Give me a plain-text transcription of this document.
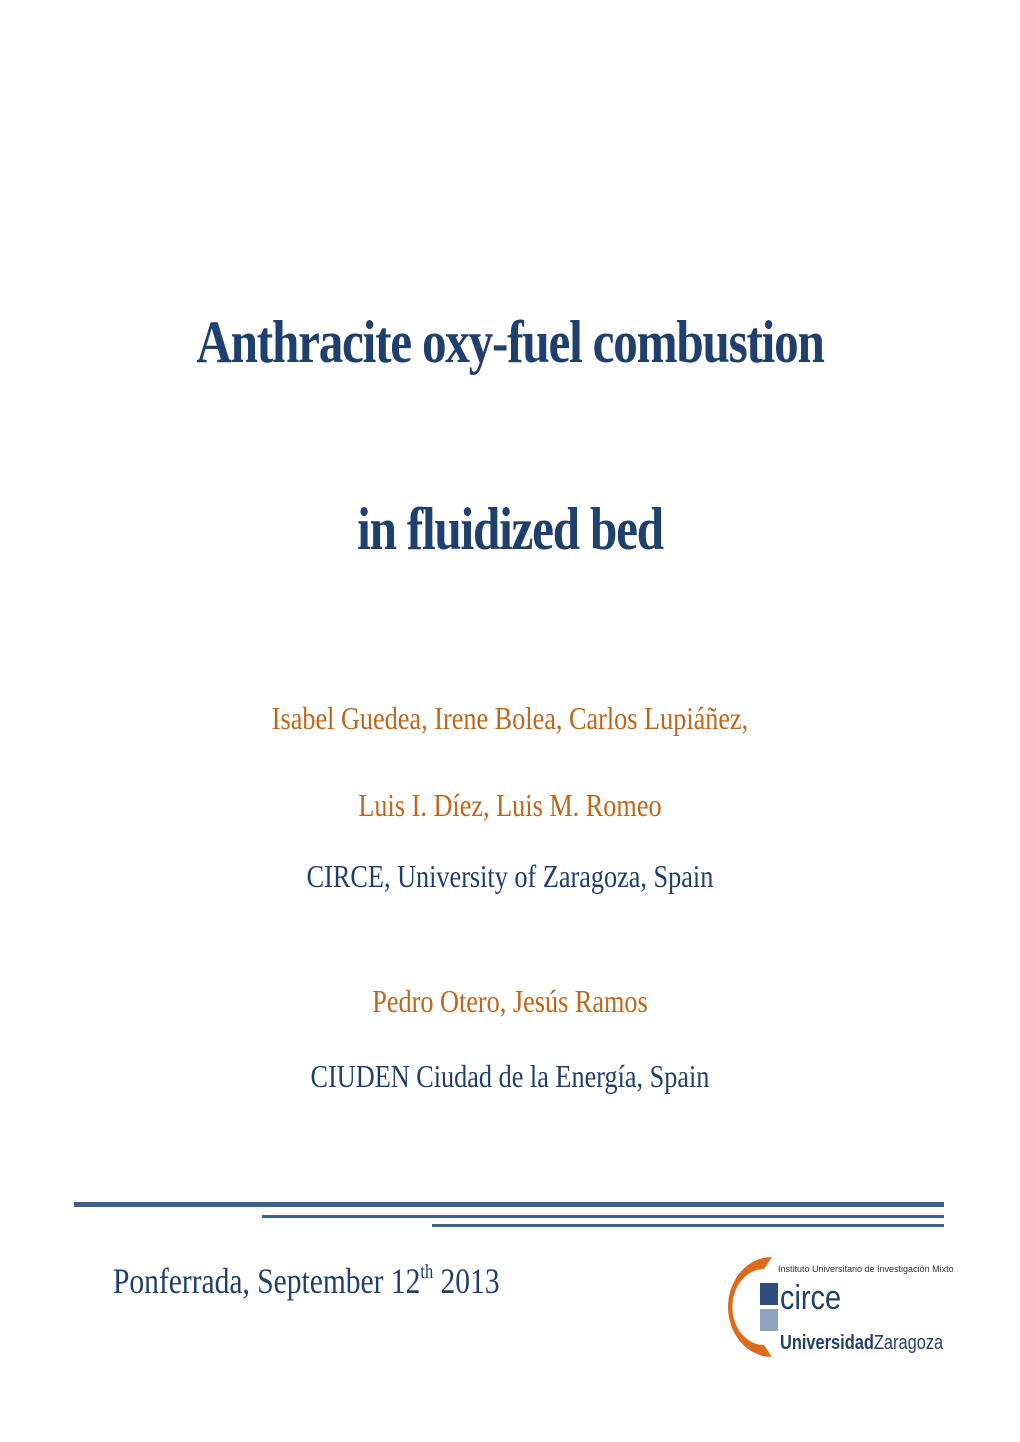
Anthracite oxy-fuel combustion
in fluidized bed
Isabel Guedea, Irene Bolea, Carlos Lupiáñez,
Luis I. Díez, Luis M. Romeo
CIRCE, University of Zaragoza, Spain
Pedro Otero, Jesús Ramos
CIUDEN Ciudad de la Energía, Spain
Ponferrada, September 12th 2013	Instituto Universitario de Investigación Mixto
circe
UniversidadZaragoza
